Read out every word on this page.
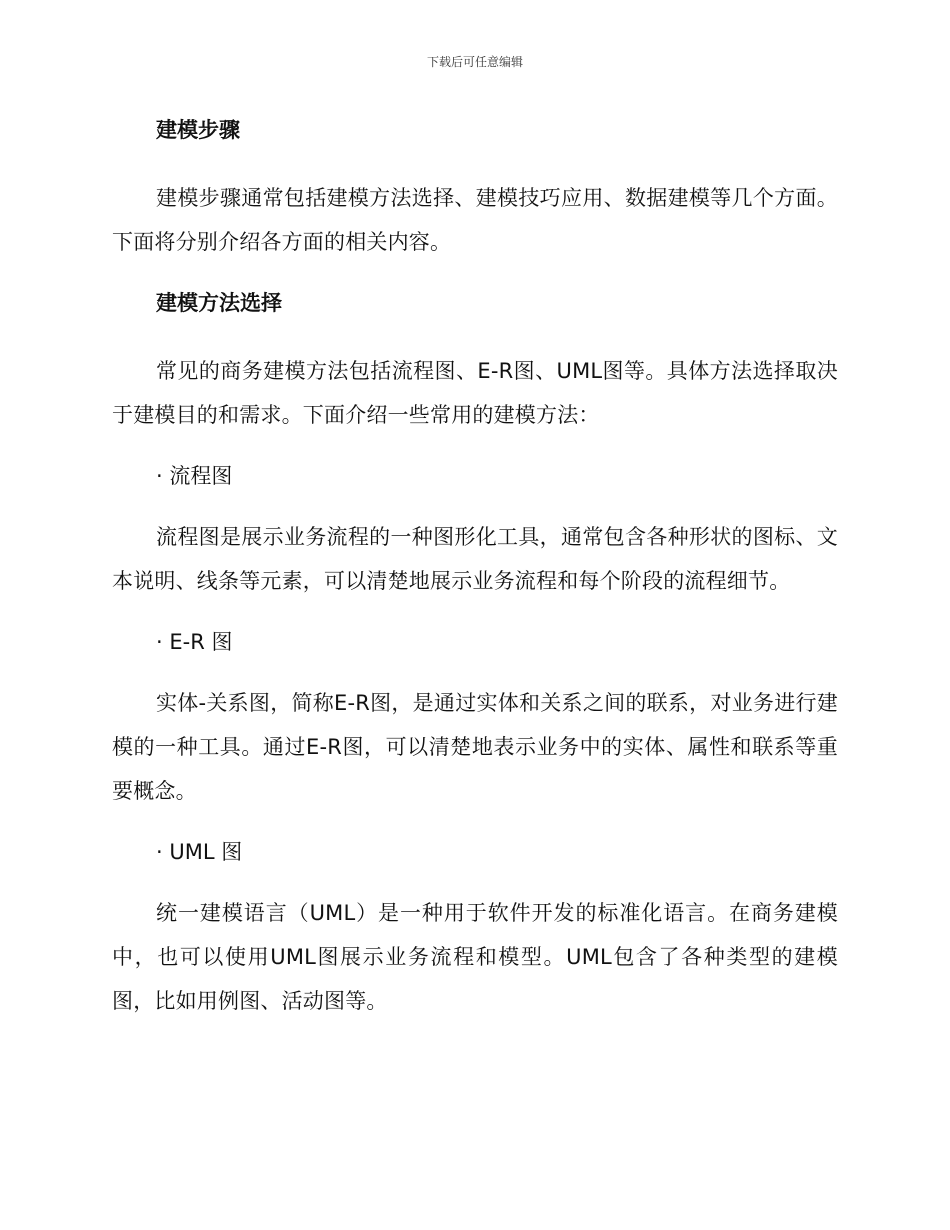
下载后可任意编辑
建模步骤

建模步骤通常包括建模方法选择、建模技巧应用、数据建模等几个方面。下面将分别介绍各方面的相关内容。

建模方法选择

常见的商务建模方法包括流程图、E-R图、UML图等。具体方法选择取决于建模目的和需求。下面介绍一些常用的建模方法：

· 流程图

流程图是展示业务流程的一种图形化工具，通常包含各种形状的图标、文本说明、线条等元素，可以清楚地展示业务流程和每个阶段的流程细节。

· E-R 图

实体-关系图，简称E-R图，是通过实体和关系之间的联系，对业务进行建模的一种工具。通过E-R图，可以清楚地表示业务中的实体、属性和联系等重要概念。

· UML 图

统一建模语言（UML）是一种用于软件开发的标准化语言。在商务建模中，也可以使用UML图展示业务流程和模型。UML包含了各种类型的建模图，比如用例图、活动图等。
